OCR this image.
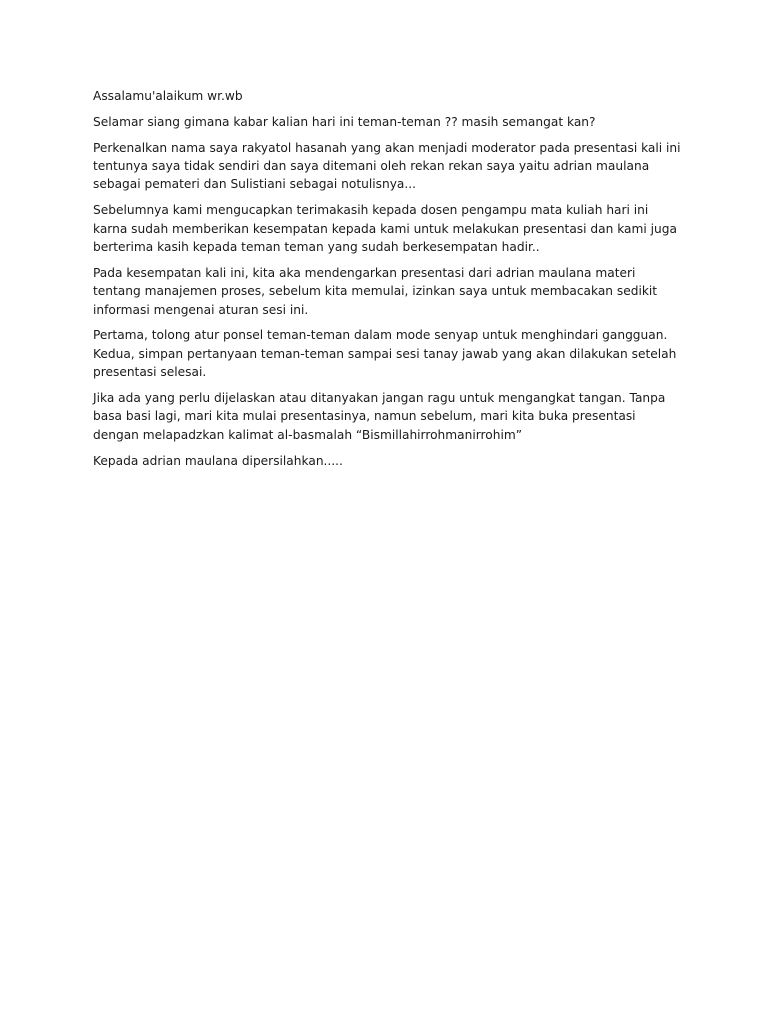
Assalamu'alaikum wr.wb

Selamar siang gimana kabar kalian hari ini teman-teman ?? masih semangat kan?

Perkenalkan nama saya rakyatol hasanah yang akan menjadi moderator pada presentasi kali ini tentunya saya tidak sendiri dan saya ditemani oleh rekan rekan saya yaitu adrian maulana sebagai pemateri dan Sulistiani sebagai notulisnya...

Sebelumnya kami mengucapkan terimakasih kepada dosen pengampu mata kuliah hari ini karna sudah memberikan kesempatan kepada kami untuk melakukan presentasi dan kami juga berterima kasih kepada teman teman yang sudah berkesempatan hadir..

Pada kesempatan kali ini, kita aka mendengarkan presentasi dari adrian maulana materi tentang manajemen proses, sebelum kita memulai, izinkan saya untuk membacakan sedikit informasi mengenai aturan sesi ini.

Pertama, tolong atur ponsel teman-teman dalam mode senyap untuk menghindari gangguan. Kedua, simpan pertanyaan teman-teman sampai sesi tanay jawab yang akan dilakukan setelah presentasi selesai.

Jika ada yang perlu dijelaskan atau ditanyakan jangan ragu untuk mengangkat tangan. Tanpa basa basi lagi, mari kita mulai presentasinya, namun sebelum, mari kita buka presentasi dengan melapadzkan kalimat al-basmalah “Bismillahirrohmanirrohim”

Kepada adrian maulana dipersilahkan.....
